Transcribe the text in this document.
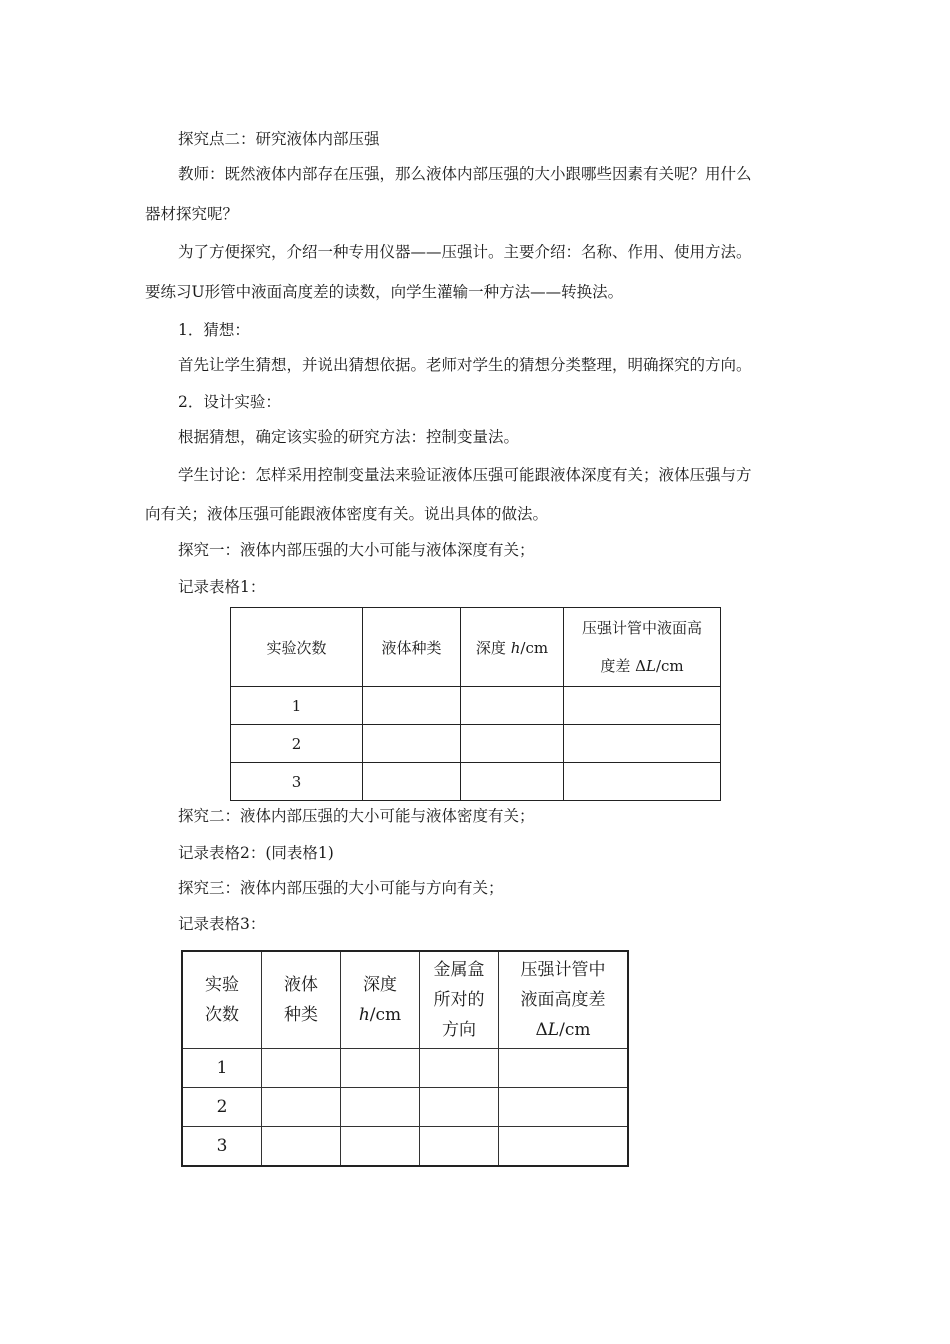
探究点二：研究液体内部压强
教师：既然液体内部存在压强，那么液体内部压强的大小跟哪些因素有关呢？用什么
器材探究呢？
为了方便探究，介绍一种专用仪器——压强计。主要介绍：名称、作用、使用方法。
要练习U形管中液面高度差的读数，向学生灌输一种方法——转换法。
1．猜想：
首先让学生猜想，并说出猜想依据。老师对学生的猜想分类整理，明确探究的方向。
2．设计实验：
根据猜想，确定该实验的研究方法：控制变量法。
学生讨论：怎样采用控制变量法来验证液体压强可能跟液体深度有关；液体压强与方
向有关；液体压强可能跟液体密度有关。说出具体的做法。
探究一：液体内部压强的大小可能与液体深度有关；
记录表格1：
实验次数	液体种类	深度 h/cm	压强计管中液面高
度差 ΔL/cm
1			
2			
3			
探究二：液体内部压强的大小可能与液体密度有关；
记录表格2：(同表格1)
探究三：液体内部压强的大小可能与方向有关；
记录表格3：
实验
次数	液体
种类	深度
h/cm	金属盒
所对的
方向	压强计管中
液面高度差
ΔL/cm
1				
2				
3				
